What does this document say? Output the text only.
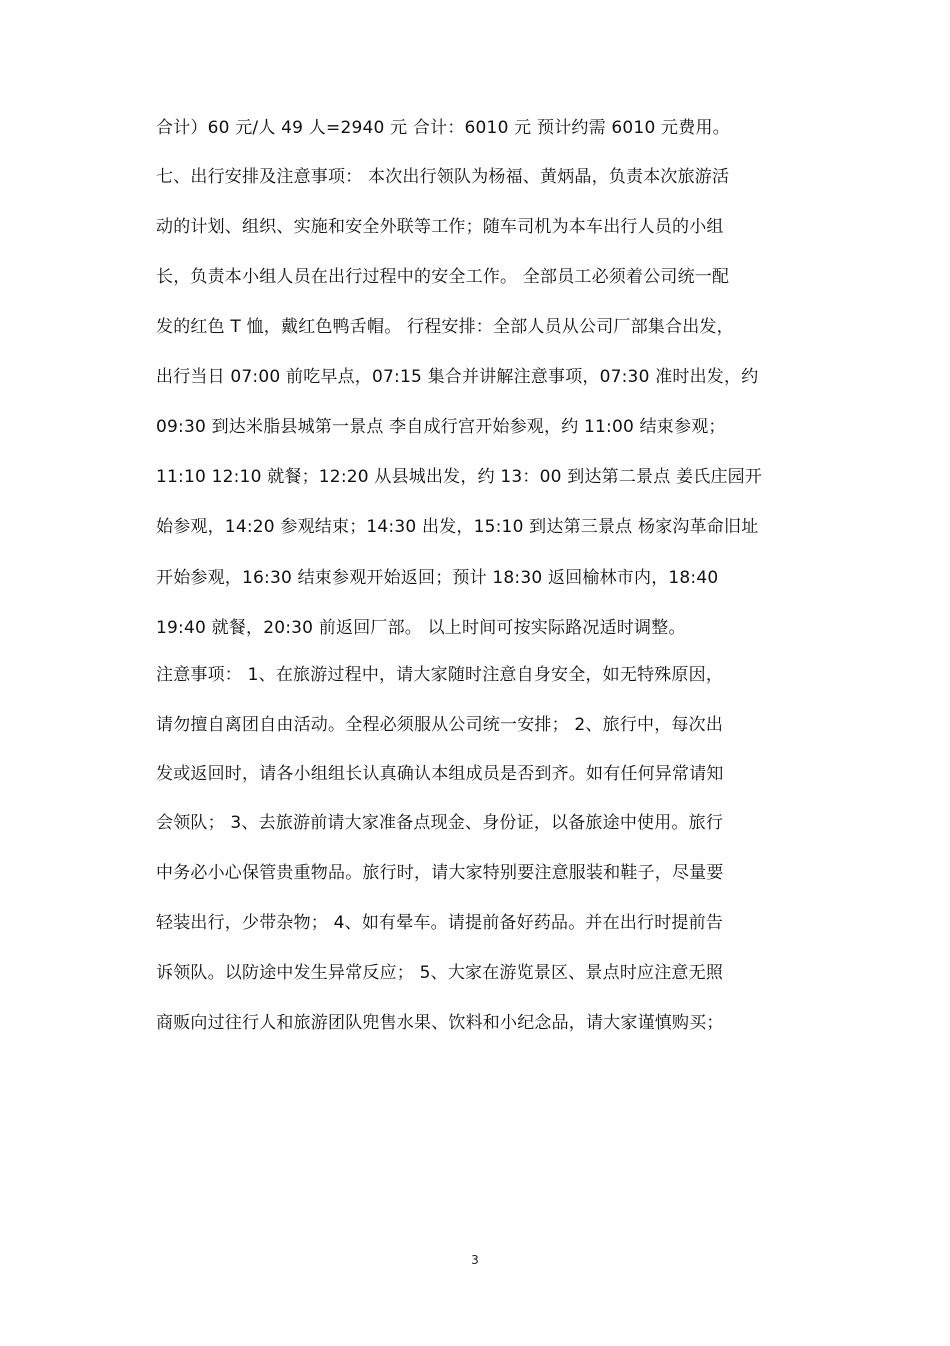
合计）60 元/人 49 人=2940 元 合计：6010 元 预计约需 6010 元费用。
七、出行安排及注意事项： 本次出行领队为杨福、黄炳晶，负责本次旅游活
动的计划、组织、实施和安全外联等工作；随车司机为本车出行人员的小组
长，负责本小组人员在出行过程中的安全工作。 全部员工必须着公司统一配
发的红色 T 恤，戴红色鸭舌帽。 行程安排：全部人员从公司厂部集合出发，
出行当日 07:00 前吃早点，07:15 集合并讲解注意事项，07:30 准时出发，约
09:30 到达米脂县城第一景点 李自成行宫开始参观，约 11:00 结束参观；
11:10 12:10 就餐；12:20 从县城出发，约 13：00 到达第二景点 姜氏庄园开
始参观，14:20 参观结束；14:30 出发，15:10 到达第三景点 杨家沟革命旧址
开始参观，16:30 结束参观开始返回；预计 18:30 返回榆林市内，18:40
19:40 就餐，20:30 前返回厂部。 以上时间可按实际路况适时调整。
注意事项： 1、在旅游过程中，请大家随时注意自身安全，如无特殊原因，
请勿擅自离团自由活动。全程必须服从公司统一安排； 2、旅行中，每次出
发或返回时，请各小组组长认真确认本组成员是否到齐。如有任何异常请知
会领队； 3、去旅游前请大家准备点现金、身份证，以备旅途中使用。旅行
中务必小心保管贵重物品。旅行时，请大家特别要注意服装和鞋子，尽量要
轻装出行，少带杂物； 4、如有晕车。请提前备好药品。并在出行时提前告
诉领队。以防途中发生异常反应； 5、大家在游览景区、景点时应注意无照
商贩向过往行人和旅游团队兜售水果、饮料和小纪念品，请大家谨慎购买；
3
